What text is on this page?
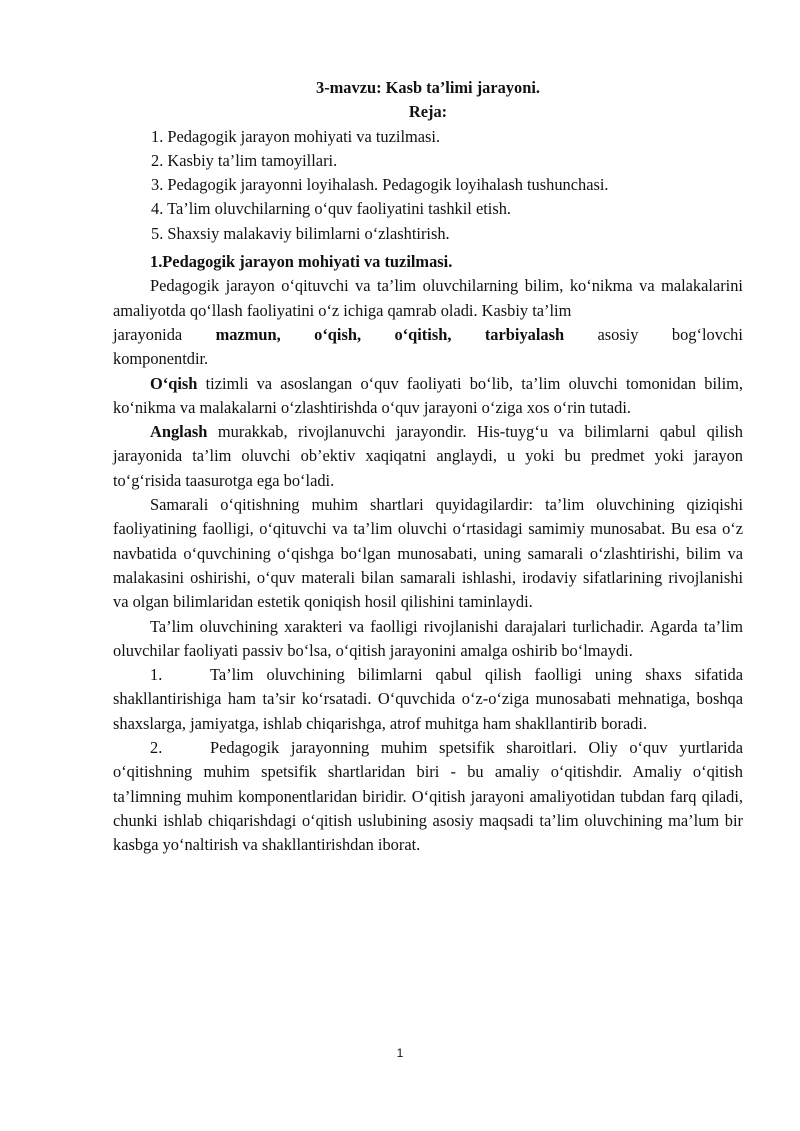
3-mavzu: Kasb ta’limi jarayoni.
Reja:
1. Pedagogik jarayon mohiyati va tuzilmasi.
2. Kasbiy ta’lim tamoyillari.
3. Pedagogik jarayonni loyihalash. Pedagogik loyihalash tushunchasi.
4. Ta’lim oluvchilarning o‘quv faoliyatini tashkil etish.
5. Shaxsiy malakaviy bilimlarni o‘zlashtirish.
1.Pedagogik jarayon mohiyati va tuzilmasi.

Pedagogik jarayon o‘qituvchi va ta’lim oluvchilarning bilim, ko‘nikma va malakalarini amaliyotda qo‘llash faoliyatini o‘z ichiga qamrab oladi. Kasbiy ta’lim

jarayonida mazmun, o‘qish, o‘qitish, tarbiyalash asosiy bog‘lovchi
komponentdir.

O‘qish tizimli va asoslangan o‘quv faoliyati bo‘lib, ta’lim oluvchi tomonidan bilim, ko‘nikma va malakalarni o‘zlashtirishda o‘quv jarayoni o‘ziga xos o‘rin tutadi.

Anglash murakkab, rivojlanuvchi jarayondir. His-tuyg‘u va bilimlarni qabul qilish jarayonida ta’lim oluvchi ob’ektiv xaqiqatni anglaydi, u yoki bu predmet yoki jarayon to‘g‘risida taasurotga ega bo‘ladi.

Samarali o‘qitishning muhim shartlari quyidagilardir: ta’lim oluvchining qiziqishi faoliyatining faolligi, o‘qituvchi va ta’lim oluvchi o‘rtasidagi samimiy munosabat. Bu esa o‘z navbatida o‘quvchining o‘qishga bo‘lgan munosabati, uning samarali o‘zlashtirishi, bilim va malakasini oshirishi, o‘quv materali bilan samarali ishlashi, irodaviy sifatlarining rivojlanishi va olgan bilimlaridan estetik qoniqish hosil qilishini taminlaydi.

Ta’lim oluvchining xarakteri va faolligi rivojlanishi darajalari turlichadir. Agarda ta’lim oluvchilar faoliyati passiv bo‘lsa, o‘qitish jarayonini amalga oshirib bo‘lmaydi.

1.	Ta’lim oluvchining bilimlarni qabul qilish faolligi uning shaxs sifatida shakllantirishiga ham ta’sir ko‘rsatadi. O‘quvchida o‘z-o‘ziga munosabati mehnatiga, boshqa shaxslarga, jamiyatga, ishlab chiqarishga, atrof muhitga ham shakllantirib boradi.

2.	Pedagogik jarayonning muhim spetsifik sharoitlari. Oliy o‘quv yurtlarida o‘qitishning muhim spetsifik shartlaridan biri - bu amaliy o‘qitishdir. Amaliy o‘qitish ta’limning muhim komponentlaridan biridir. O‘qitish jarayoni amaliyotidan tubdan farq qiladi, chunki ishlab chiqarishdagi o‘qitish uslubining asosiy maqsadi ta’lim oluvchining ma’lum bir kasbga yo‘naltirish va shakllantirishdan iborat.

1
